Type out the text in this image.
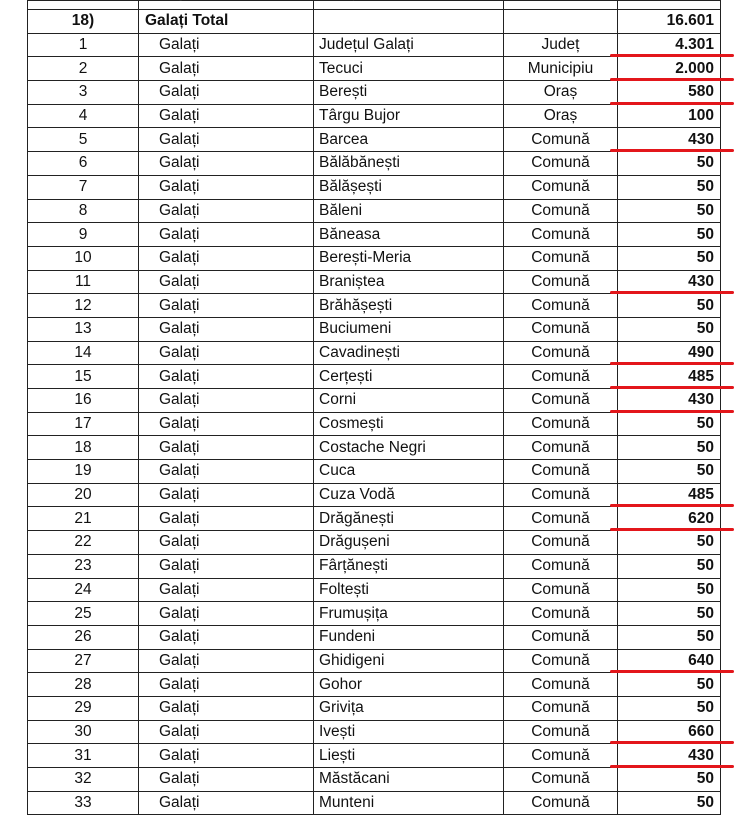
18)	Galați Total			16.601
1	Galați	Județul Galați	Județ	4.301

2	Galați	Tecuci	Municipiu	2.000

3	Galați	Berești	Oraș	580

4	Galați	Târgu Bujor	Oraș	100
5	Galați	Barcea	Comună	430

6	Galați	Bălăbănești	Comună	50
7	Galați	Bălășești	Comună	50
8	Galați	Băleni	Comună	50
9	Galați	Băneasa	Comună	50
10	Galați	Berești-Meria	Comună	50
11	Galați	Braniștea	Comună	430

12	Galați	Brăhășești	Comună	50
13	Galați	Buciumeni	Comună	50
14	Galați	Cavadinești	Comună	490

15	Galați	Cerțești	Comună	485

16	Galați	Corni	Comună	430

17	Galați	Cosmești	Comună	50
18	Galați	Costache Negri	Comună	50
19	Galați	Cuca	Comună	50
20	Galați	Cuza Vodă	Comună	485

21	Galați	Drăgănești	Comună	620

22	Galați	Drăgușeni	Comună	50
23	Galați	Fârțănești	Comună	50
24	Galați	Foltești	Comună	50
25	Galați	Frumușița	Comună	50
26	Galați	Fundeni	Comună	50
27	Galați	Ghidigeni	Comună	640

28	Galați	Gohor	Comună	50
29	Galați	Grivița	Comună	50
30	Galați	Ivești	Comună	660

31	Galați	Liești	Comună	430

32	Galați	Măstăcani	Comună	50
33	Galați	Munteni	Comună	50
